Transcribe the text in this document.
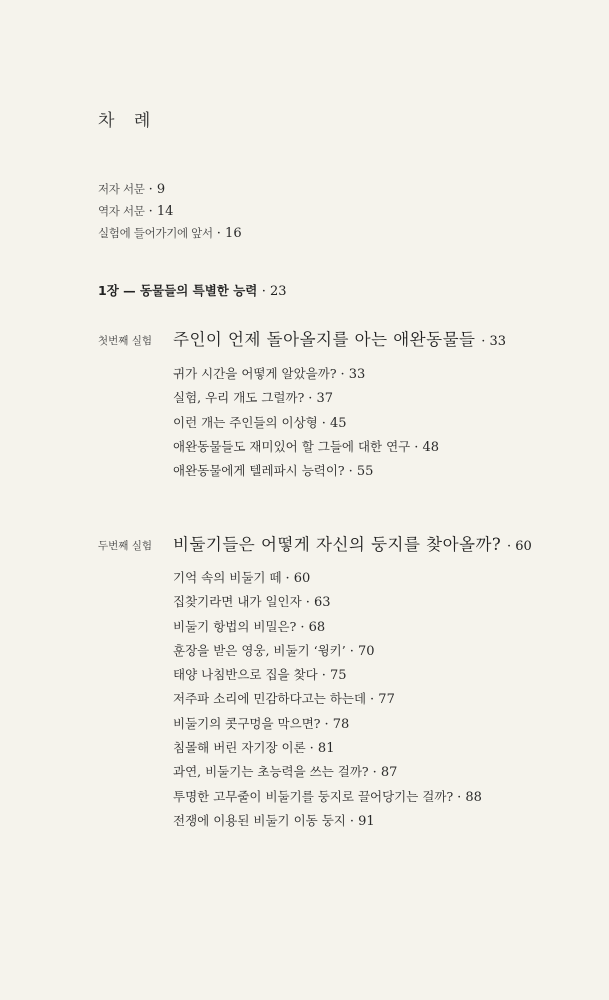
차 례
저자 서문 · 9
역자 서문 · 14
실험에 들어가기에 앞서 · 16
1장 — 동물들의 특별한 능력 · 23
첫번째 실험 주인이 언제 돌아올지를 아는 애완동물들 · 33
귀가 시간을 어떻게 알았을까? · 33
실험, 우리 개도 그럴까? · 37
이런 개는 주인들의 이상형 · 45
애완동물들도 재미있어 할 그들에 대한 연구 · 48
애완동물에게 텔레파시 능력이? · 55
두번째 실험 비둘기들은 어떻게 자신의 둥지를 찾아올까? · 60
기억 속의 비둘기 떼 · 60
집찾기라면 내가 일인자 · 63
비둘기 항법의 비밀은? · 68
훈장을 받은 영웅, 비둘기 ‘윙키’ · 70
태양 나침반으로 집을 찾다 · 75
저주파 소리에 민감하다고는 하는데 · 77
비둘기의 콧구멍을 막으면? · 78
침몰해 버린 자기장 이론 · 81
과연, 비둘기는 초능력을 쓰는 걸까? · 87
투명한 고무줄이 비둘기를 둥지로 끌어당기는 걸까? · 88
전쟁에 이용된 비둘기 이동 둥지 · 91
